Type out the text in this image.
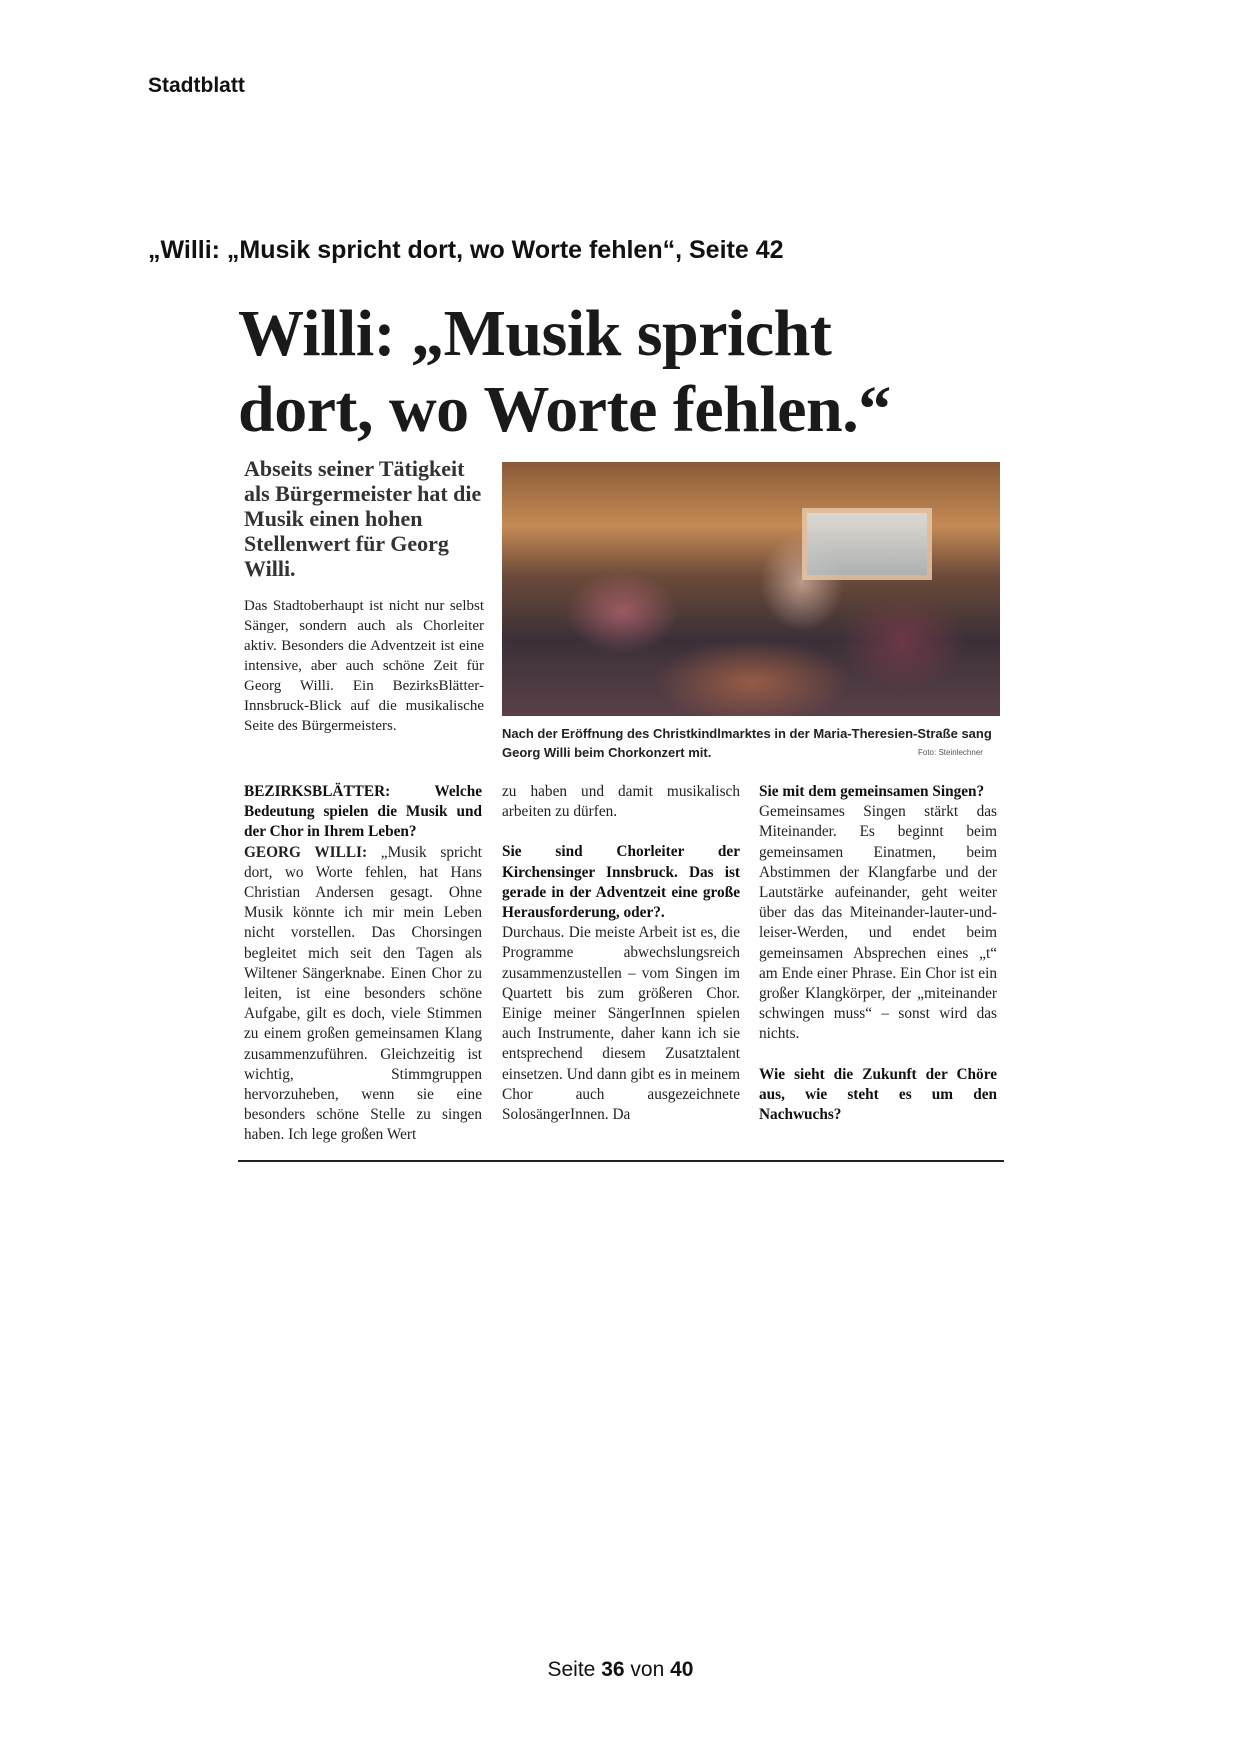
Stadtblatt
„Willi: „Musik spricht dort, wo Worte fehlen“, Seite 42
Willi: „Musik spricht
dort, wo Worte fehlen.“
Abseits seiner Tätigkeit als Bürgermeister hat die Musik einen hohen Stellenwert für Georg Willi.
Das Stadtoberhaupt ist nicht nur selbst Sänger, sondern auch als Chorleiter aktiv. Besonders die Adventzeit ist eine intensive, aber auch schöne Zeit für Georg Willi. Ein BezirksBlätter-Innsbruck-Blick auf die musikalische Seite des Bürgermeisters.	Nach der Eröffnung des Christkindlmarktes in der Maria-Theresien-Straße sang Georg Willi beim Chorkonzert mit.	Foto: Steinlechner

BEZIRKSBLÄTTER: Welche Bedeutung spielen die Musik und der Chor in Ihrem Leben?

GEORG WILLI: „Musik spricht dort, wo Worte fehlen, hat Hans Christian Andersen gesagt. Ohne Musik könnte ich mir mein Leben nicht vorstellen. Das Chorsingen begleitet mich seit den Tagen als Wiltener Sängerknabe. Einen Chor zu leiten, ist eine besonders schöne Aufgabe, gilt es doch, viele Stimmen zu einem großen gemeinsamen Klang zusammenzuführen. Gleichzeitig ist wichtig, Stimmgruppen hervorzuheben, wenn sie eine besonders schöne Stelle zu singen haben. Ich lege großen Wert

zu haben und damit musikalisch arbeiten zu dürfen.

Sie sind Chorleiter der Kirchensinger Innsbruck. Das ist gerade in der Adventzeit eine große Herausforderung, oder?.

Durchaus. Die meiste Arbeit ist es, die Programme abwechslungsreich zusammenzustellen – vom Singen im Quartett bis zum größeren Chor. Einige meiner SängerInnen spielen auch Instrumente, daher kann ich sie entsprechend diesem Zusatztalent einsetzen. Und dann gibt es in meinem Chor auch ausgezeichnete SolosängerInnen. Da

Sie mit dem gemeinsamen Singen?

Gemeinsames Singen stärkt das Miteinander. Es beginnt beim gemeinsamen Einatmen, beim Abstimmen der Klangfarbe und der Lautstärke aufeinander, geht weiter über das das Miteinander-lauter-und-leiser-Werden, und endet beim gemeinsamen Absprechen eines „t“ am Ende einer Phrase. Ein Chor ist ein großer Klangkörper, der „miteinander schwingen muss“ – sonst wird das nichts.

Wie sieht die Zukunft der Chöre aus, wie steht es um den Nachwuchs?

Seite 36 von 40
